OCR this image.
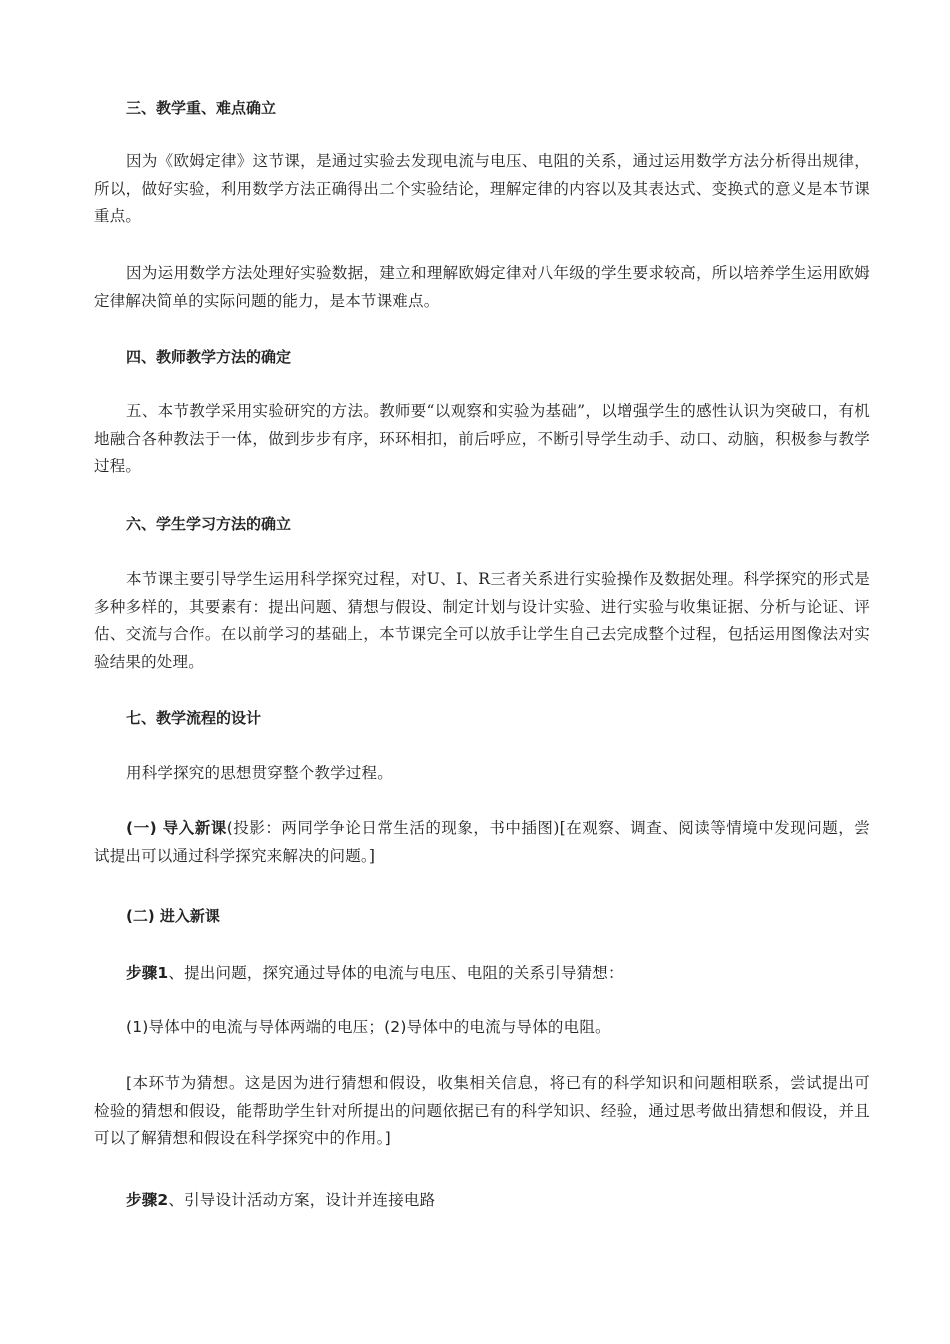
三、教学重、难点确立

因为《欧姆定律》这节课，是通过实验去发现电流与电压、电阻的关系，通过运用数学方法分析得出规律，所以，做好实验，利用数学方法正确得出二个实验结论，理解定律的内容以及其表达式、变换式的意义是本节课重点。

因为运用数学方法处理好实验数据，建立和理解欧姆定律对八年级的学生要求较高，所以培养学生运用欧姆定律解决简单的实际问题的能力，是本节课难点。

四、教师教学方法的确定

五、本节教学采用实验研究的方法。教师要“以观察和实验为基础”，以增强学生的感性认识为突破口，有机地融合各种教法于一体，做到步步有序，环环相扣，前后呼应，不断引导学生动手、动口、动脑，积极参与教学过程。

六、学生学习方法的确立

本节课主要引导学生运用科学探究过程，对U、I、R三者关系进行实验操作及数据处理。科学探究的形式是多种多样的，其要素有：提出问题、猜想与假设、制定计划与设计实验、进行实验与收集证据、分析与论证、评估、交流与合作。在以前学习的基础上，本节课完全可以放手让学生自己去完成整个过程，包括运用图像法对实验结果的处理。

七、教学流程的设计

用科学探究的思想贯穿整个教学过程。

(一) 导入新课(投影：两同学争论日常生活的现象，书中插图)[在观察、调查、阅读等情境中发现问题，尝试提出可以通过科学探究来解决的问题。]

(二) 进入新课

步骤1、提出问题，探究通过导体的电流与电压、电阻的关系引导猜想：

(1)导体中的电流与导体两端的电压；(2)导体中的电流与导体的电阻。

[本环节为猜想。这是因为进行猜想和假设，收集相关信息，将已有的科学知识和问题相联系，尝试提出可检验的猜想和假设，能帮助学生针对所提出的问题依据已有的科学知识、经验，通过思考做出猜想和假设，并且可以了解猜想和假设在科学探究中的作用。]

步骤2、引导设计活动方案，设计并连接电路
